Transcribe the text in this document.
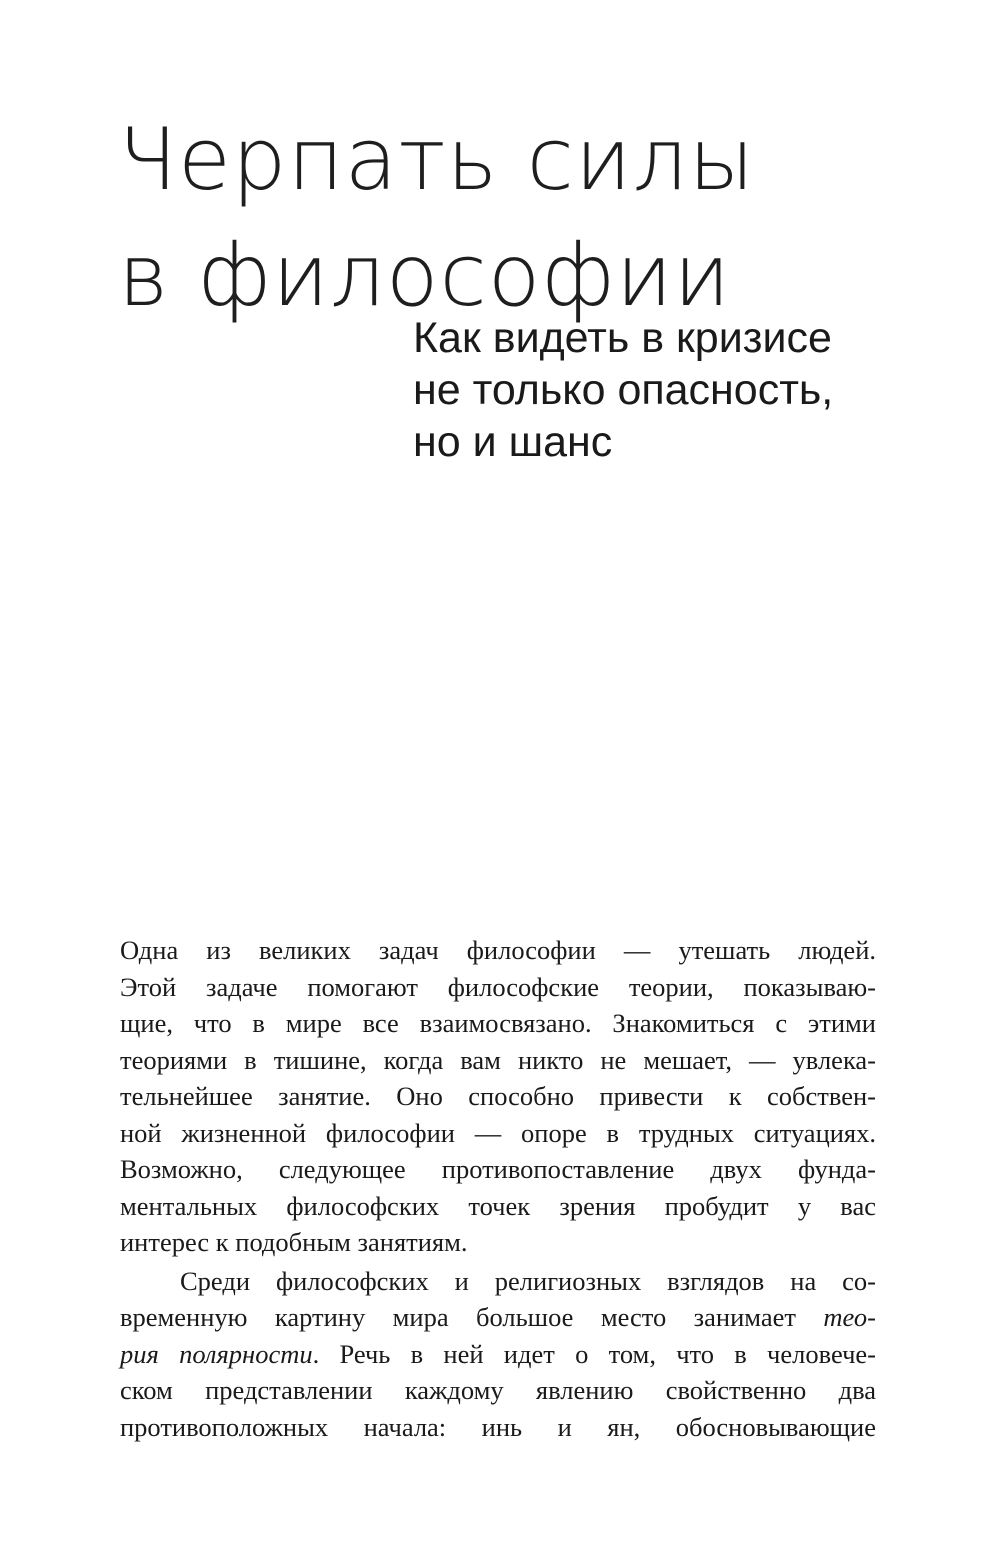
Черпать силы
в философии
Как видеть в кризисе
не только опасность,
но и шанс

Одна из великих задач философии — утешать людей.
Этой задаче помогают философские теории, показываю-
щие, что в мире все взаимосвязано. Знакомиться с этими
теориями в тишине, когда вам никто не мешает, — увлека-
тельнейшее занятие. Оно способно привести к собствен-
ной жизненной философии — опоре в трудных ситуациях.
Возможно, следующее противопоставление двух фунда-
ментальных философских точек зрения пробудит у вас
интерес к подобным занятиям.

Среди философских и религиозных взглядов на со-
временную картину мира большое место занимает тео-
рия полярности. Речь в ней идет о том, что в человече-
ском представлении каждому явлению свойственно два
противоположных начала: инь и ян, обосновывающие
